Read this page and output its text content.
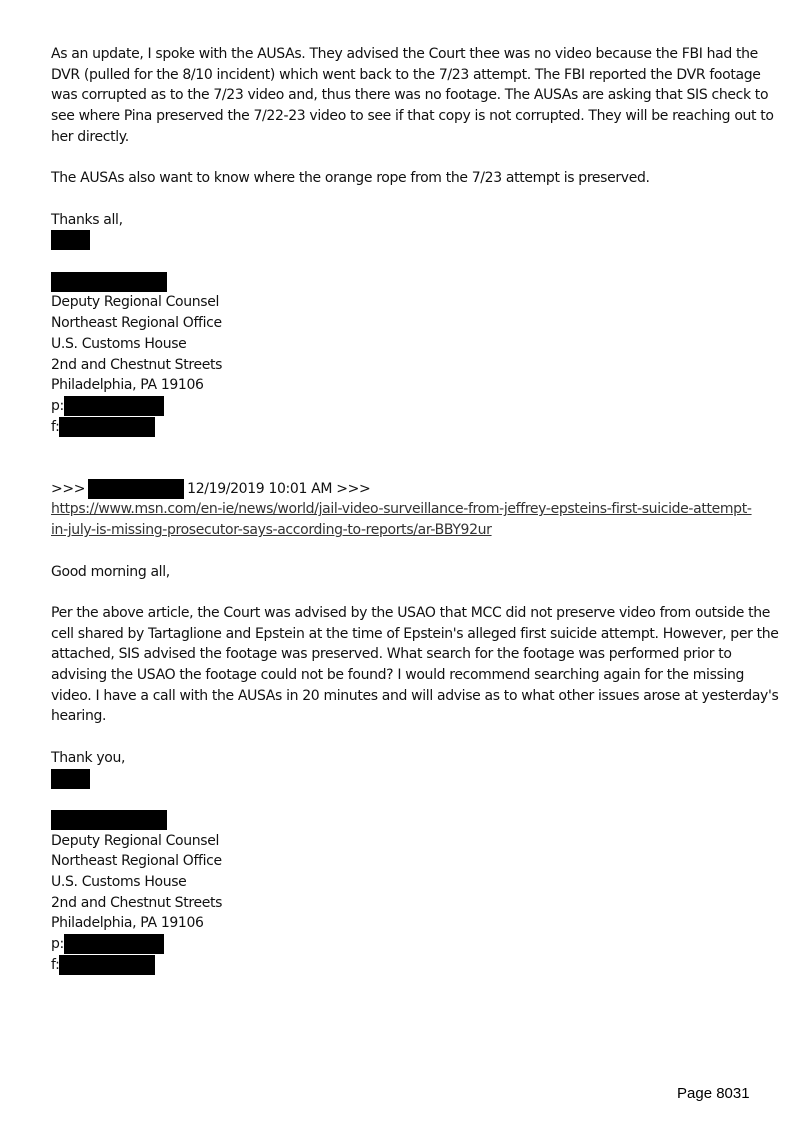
As an update, I spoke with the AUSAs. They advised the Court thee was no video because the FBI had the
DVR (pulled for the 8/10 incident) which went back to the 7/23 attempt. The FBI reported the DVR footage
was corrupted as to the 7/23 video and, thus there was no footage. The AUSAs are asking that SIS check to
see where Pina preserved the 7/22-23 video to see if that copy is not corrupted. They will be reaching out to
her directly.

The AUSAs also want to know where the orange rope from the 7/23 attempt is preserved.

Thanks all,
Deputy Regional Counsel
Northeast Regional Office
U.S. Customs House
2nd and Chestnut Streets
Philadelphia, PA 19106
p:
f:
>>>	12/19/2019 10:01 AM >>>

https://www.msn.com/en-ie/news/world/jail-video-surveillance-from-jeffrey-epsteins-first-suicide-attempt-
in-july-is-missing-prosecutor-says-according-to-reports/ar-BBY92ur

Good morning all,

Per the above article, the Court was advised by the USAO that MCC did not preserve video from outside the
cell shared by Tartaglione and Epstein at the time of Epstein's alleged first suicide attempt. However, per the
attached, SIS advised the footage was preserved. What search for the footage was performed prior to
advising the USAO the footage could not be found? I would recommend searching again for the missing
video. I have a call with the AUSAs in 20 minutes and will advise as to what other issues arose at yesterday's
hearing.

Thank you,
Deputy Regional Counsel
Northeast Regional Office
U.S. Customs House
2nd and Chestnut Streets
Philadelphia, PA 19106
p:
f:
Page 8031
